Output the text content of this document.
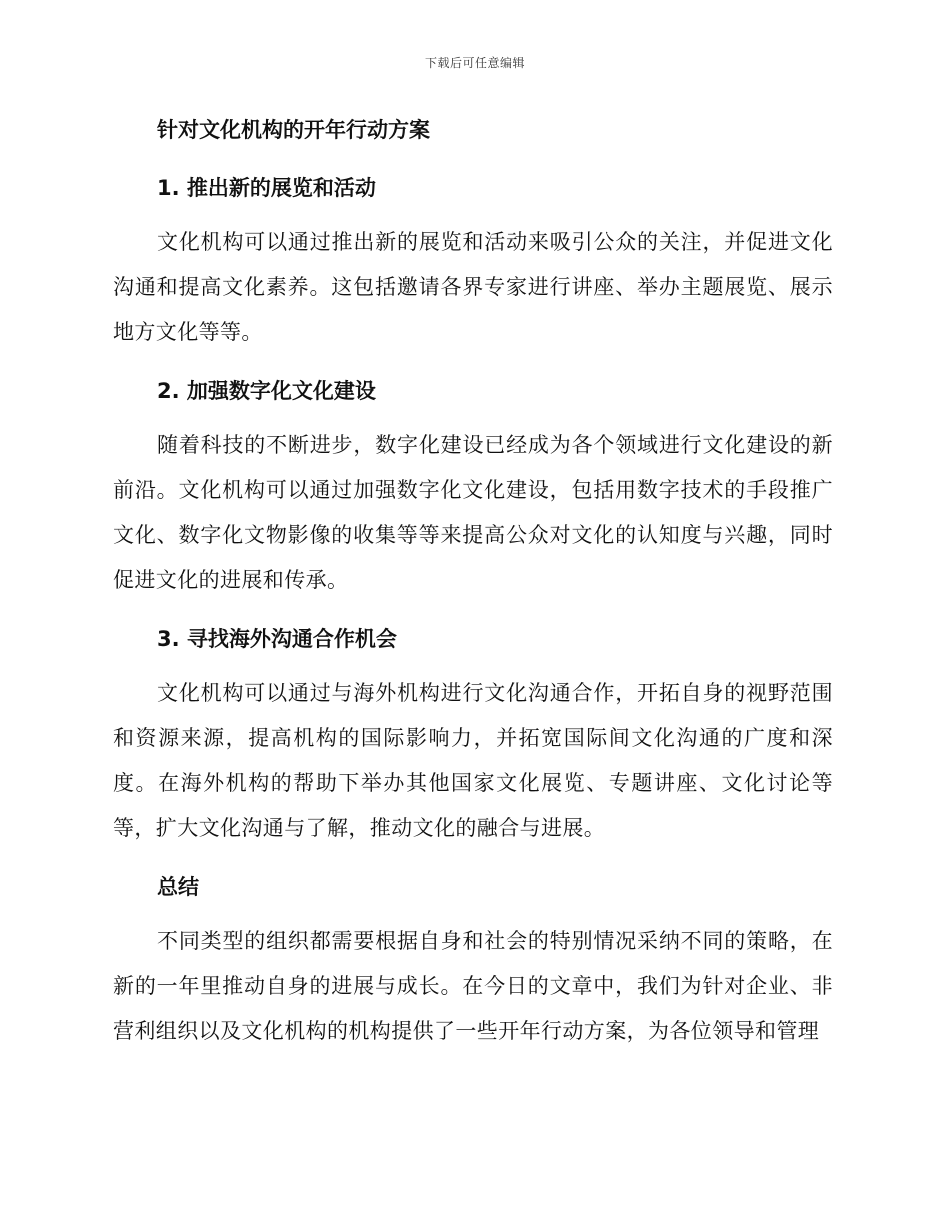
下载后可任意编辑
针对文化机构的开年行动方案
1. 推出新的展览和活动

文化机构可以通过推出新的展览和活动来吸引公众的关注，并促进文化沟通和提高文化素养。这包括邀请各界专家进行讲座、举办主题展览、展示地方文化等等。

2. 加强数字化文化建设

随着科技的不断进步，数字化建设已经成为各个领域进行文化建设的新前沿。文化机构可以通过加强数字化文化建设，包括用数字技术的手段推广文化、数字化文物影像的收集等等来提高公众对文化的认知度与兴趣，同时促进文化的进展和传承。

3. 寻找海外沟通合作机会

文化机构可以通过与海外机构进行文化沟通合作，开拓自身的视野范围和资源来源，提高机构的国际影响力，并拓宽国际间文化沟通的广度和深度。在海外机构的帮助下举办其他国家文化展览、专题讲座、文化讨论等等，扩大文化沟通与了解，推动文化的融合与进展。

总结

不同类型的组织都需要根据自身和社会的特别情况采纳不同的策略，在新的一年里推动自身的进展与成长。在今日的文章中，我们为针对企业、非营利组织以及文化机构的机构提供了一些开年行动方案，为各位领导和管理
